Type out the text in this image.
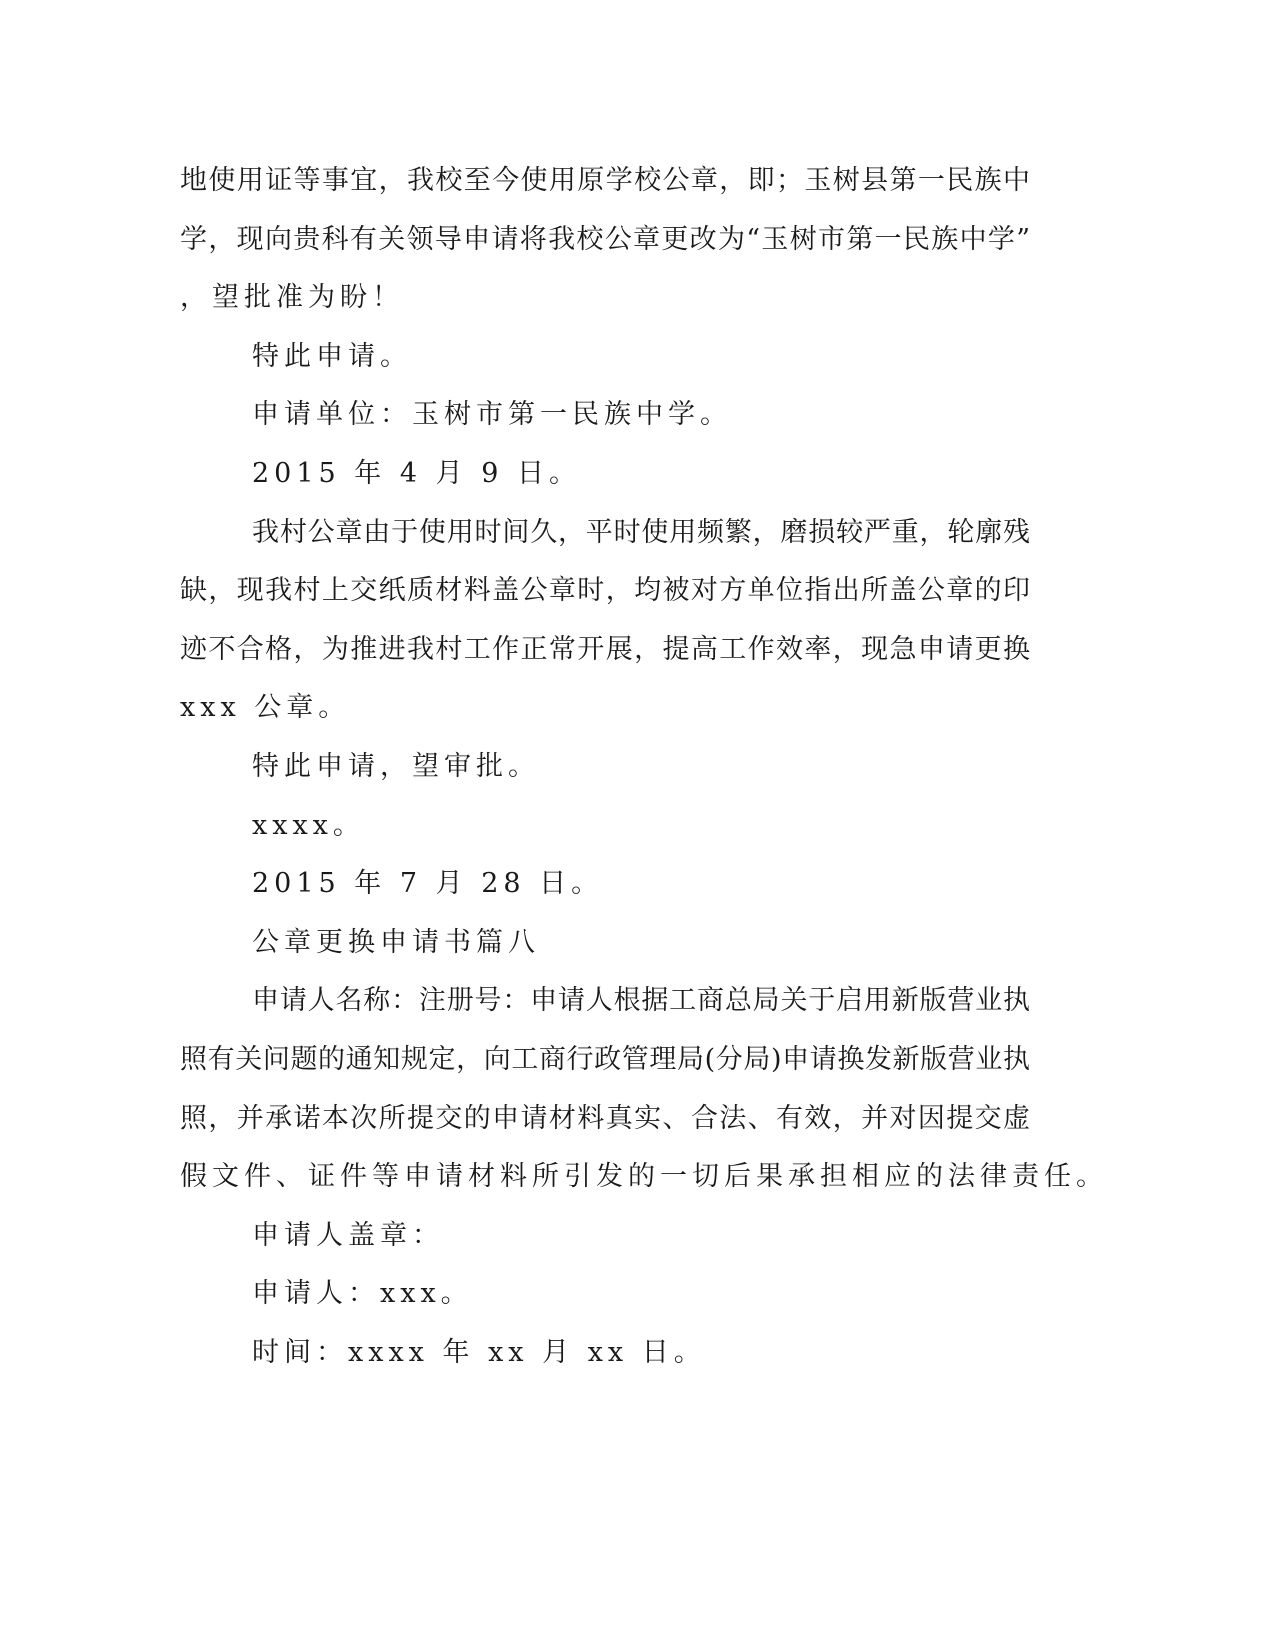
地使用证等事宜，我校至今使用原学校公章，即；玉树县第一民族中
学，现向贵科有关领导申请将我校公章更改为“玉树市第一民族中学”
，望批准为盼！
特此申请。
申请单位：玉树市第一民族中学。
2015 年 4 月 9 日。
我村公章由于使用时间久，平时使用频繁，磨损较严重，轮廓残
缺，现我村上交纸质材料盖公章时，均被对方单位指出所盖公章的印
迹不合格，为推进我村工作正常开展，提高工作效率，现急申请更换
xxx 公章。
特此申请，望审批。
xxxx。
2015 年 7 月 28 日。
公章更换申请书篇八
申请人名称：注册号：申请人根据工商总局关于启用新版营业执
照有关问题的通知规定，向工商行政管理局(分局)申请换发新版营业执
照，并承诺本次所提交的申请材料真实、合法、有效，并对因提交虚
假文件、证件等申请材料所引发的一切后果承担相应的法律责任。
申请人盖章：
申请人：xxx。
时间：xxxx 年 xx 月 xx 日。
